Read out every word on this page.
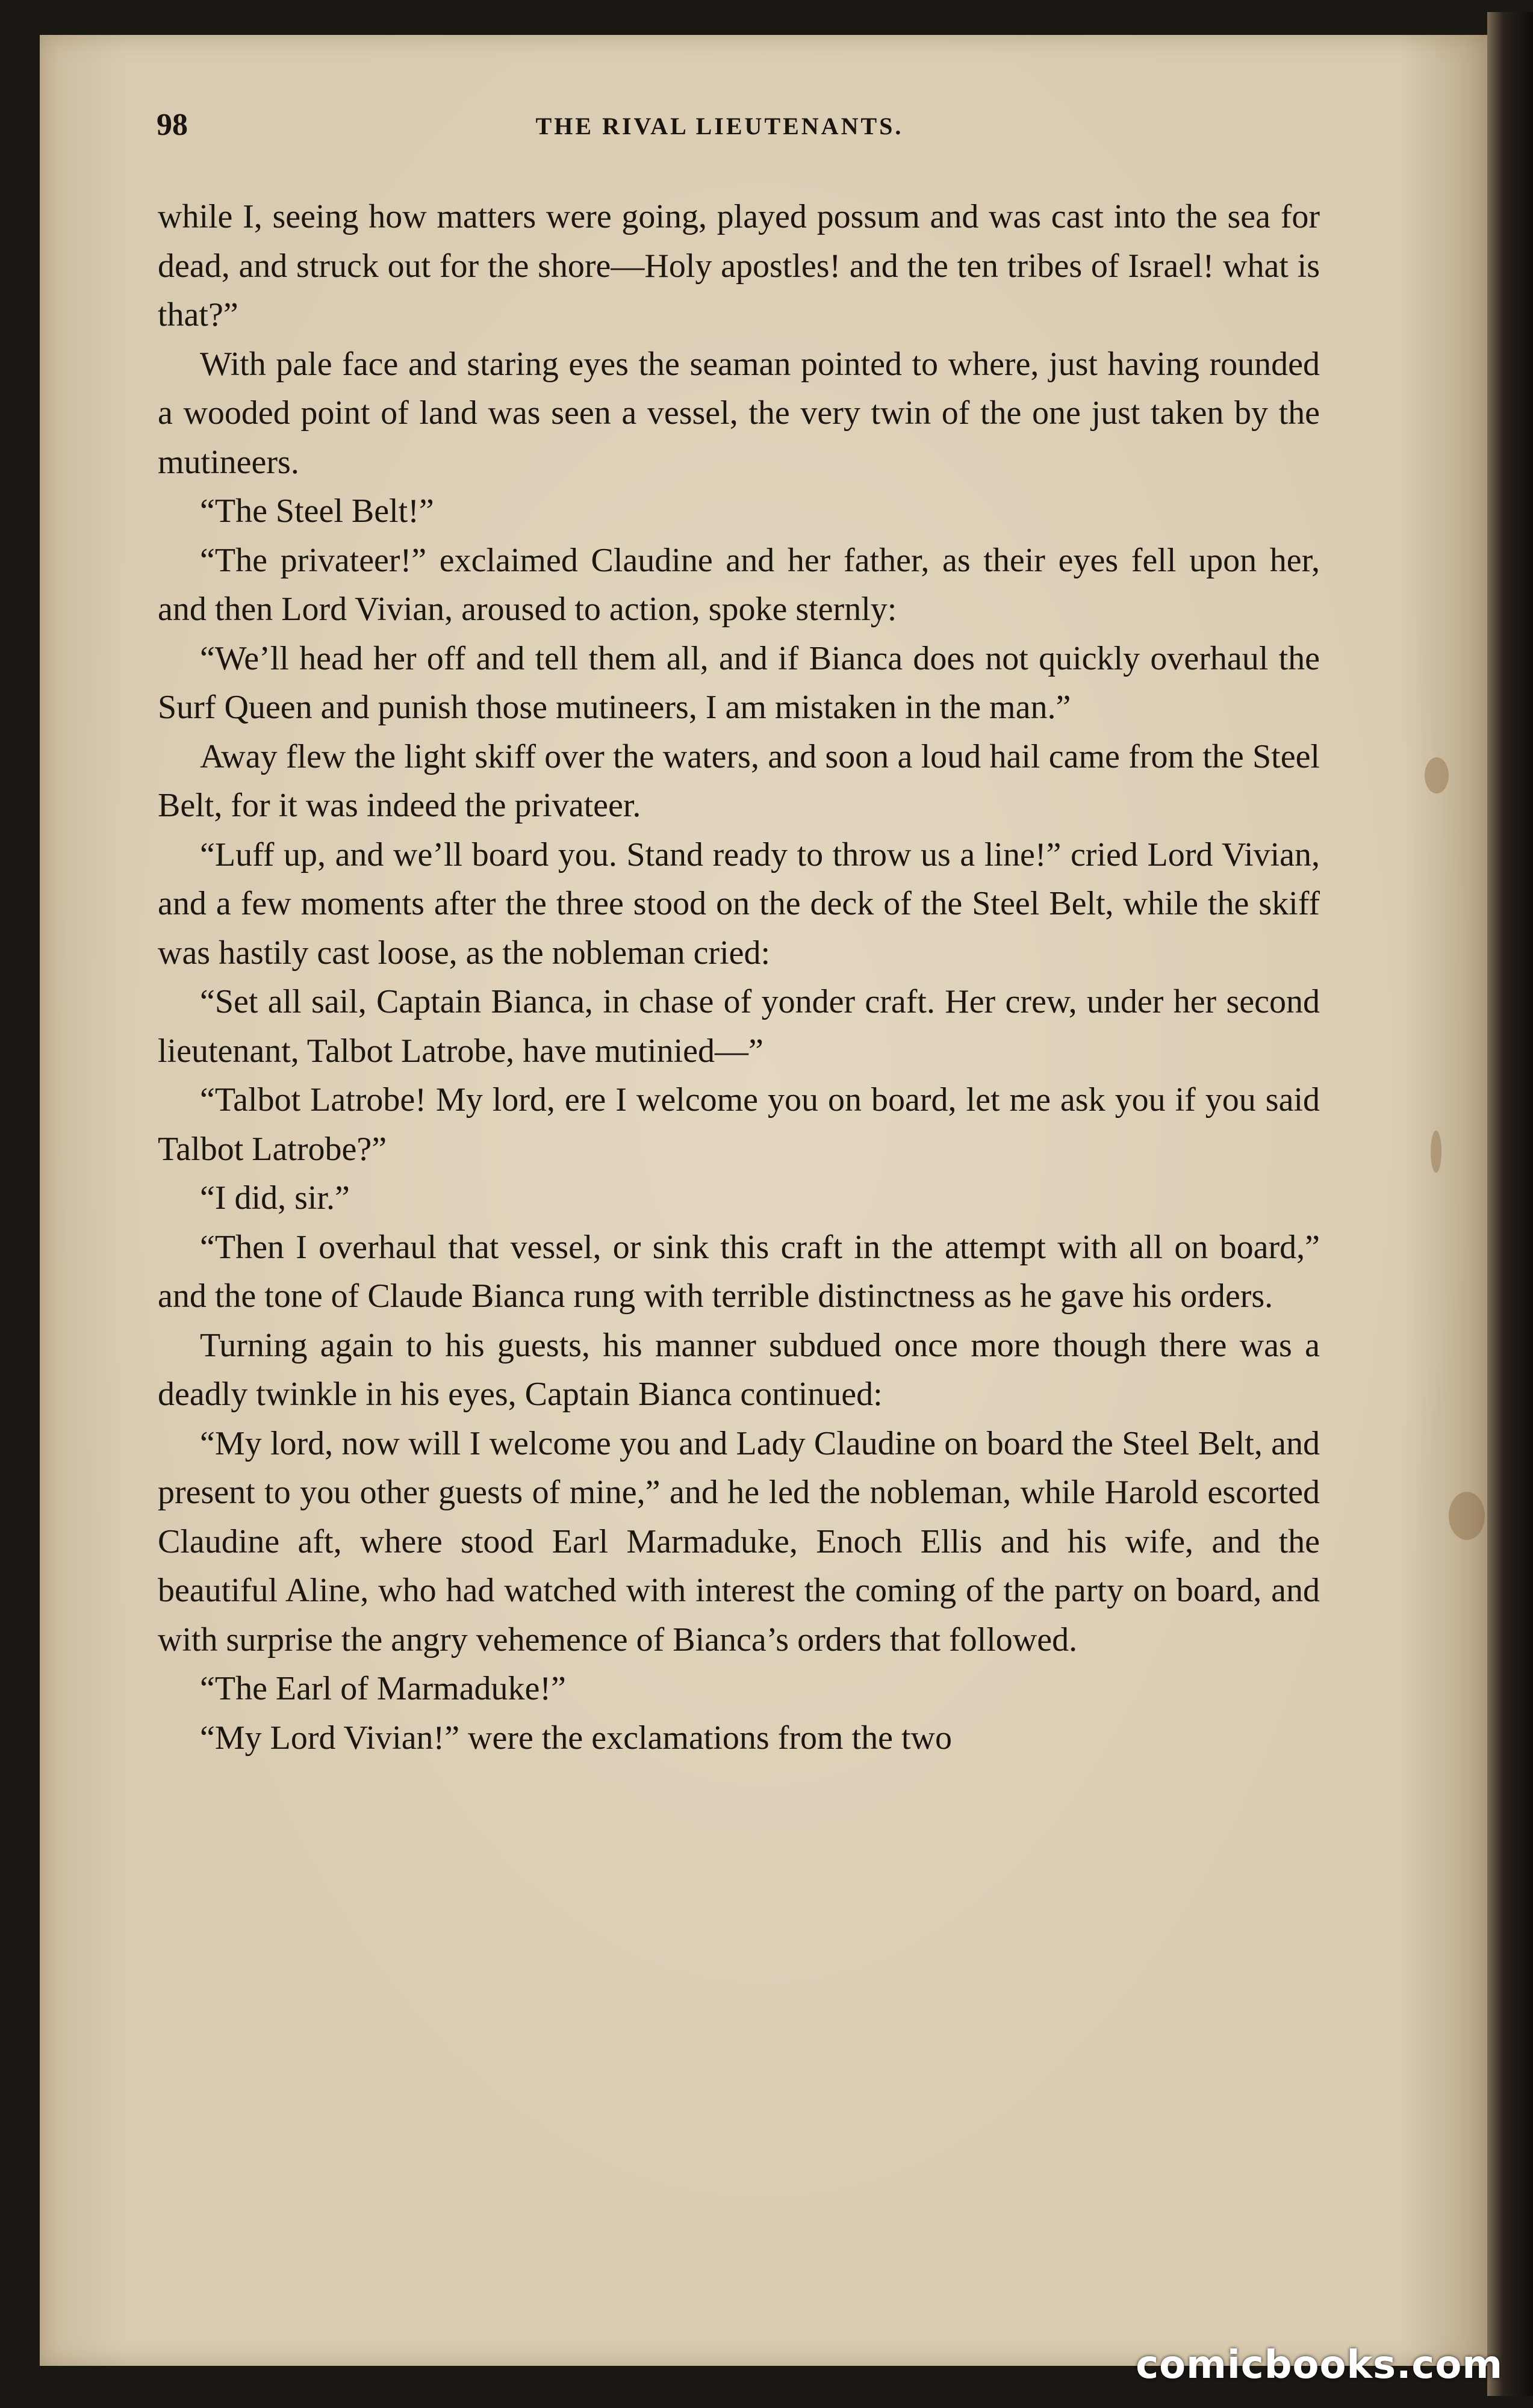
98	THE RIVAL LIEUTENANTS.

while I, seeing how matters were going, played possum and was cast into the sea for dead, and struck out for the shore—Holy apostles! and the ten tribes of Israel! what is that?”

With pale face and staring eyes the seaman pointed to where, just having rounded a wooded point of land was seen a vessel, the very twin of the one just taken by the mutineers.

“The Steel Belt!”

“The privateer!” exclaimed Claudine and her father, as their eyes fell upon her, and then Lord Vivian, aroused to action, spoke sternly:

“We’ll head her off and tell them all, and if Bianca does not quickly overhaul the Surf Queen and punish those mutineers, I am mistaken in the man.”

Away flew the light skiff over the waters, and soon a loud hail came from the Steel Belt, for it was indeed the privateer.

“Luff up, and we’ll board you. Stand ready to throw us a line!” cried Lord Vivian, and a few moments after the three stood on the deck of the Steel Belt, while the skiff was hastily cast loose, as the nobleman cried:

“Set all sail, Captain Bianca, in chase of yonder craft. Her crew, under her second lieutenant, Talbot Latrobe, have mutinied—”

“Talbot Latrobe! My lord, ere I welcome you on board, let me ask you if you said Talbot Latrobe?”

“I did, sir.”

“Then I overhaul that vessel, or sink this craft in the attempt with all on board,” and the tone of Claude Bianca rung with terrible distinctness as he gave his orders.

Turning again to his guests, his manner subdued once more though there was a deadly twinkle in his eyes, Captain Bianca continued:

“My lord, now will I welcome you and Lady Claudine on board the Steel Belt, and present to you other guests of mine,” and he led the nobleman, while Harold escorted Claudine aft, where stood Earl Marmaduke, Enoch Ellis and his wife, and the beautiful Aline, who had watched with interest the coming of the party on board, and with surprise the angry vehemence of Bianca’s orders that followed.

“The Earl of Marmaduke!”

“My Lord Vivian!” were the exclamations from the two

comicbooks.com
